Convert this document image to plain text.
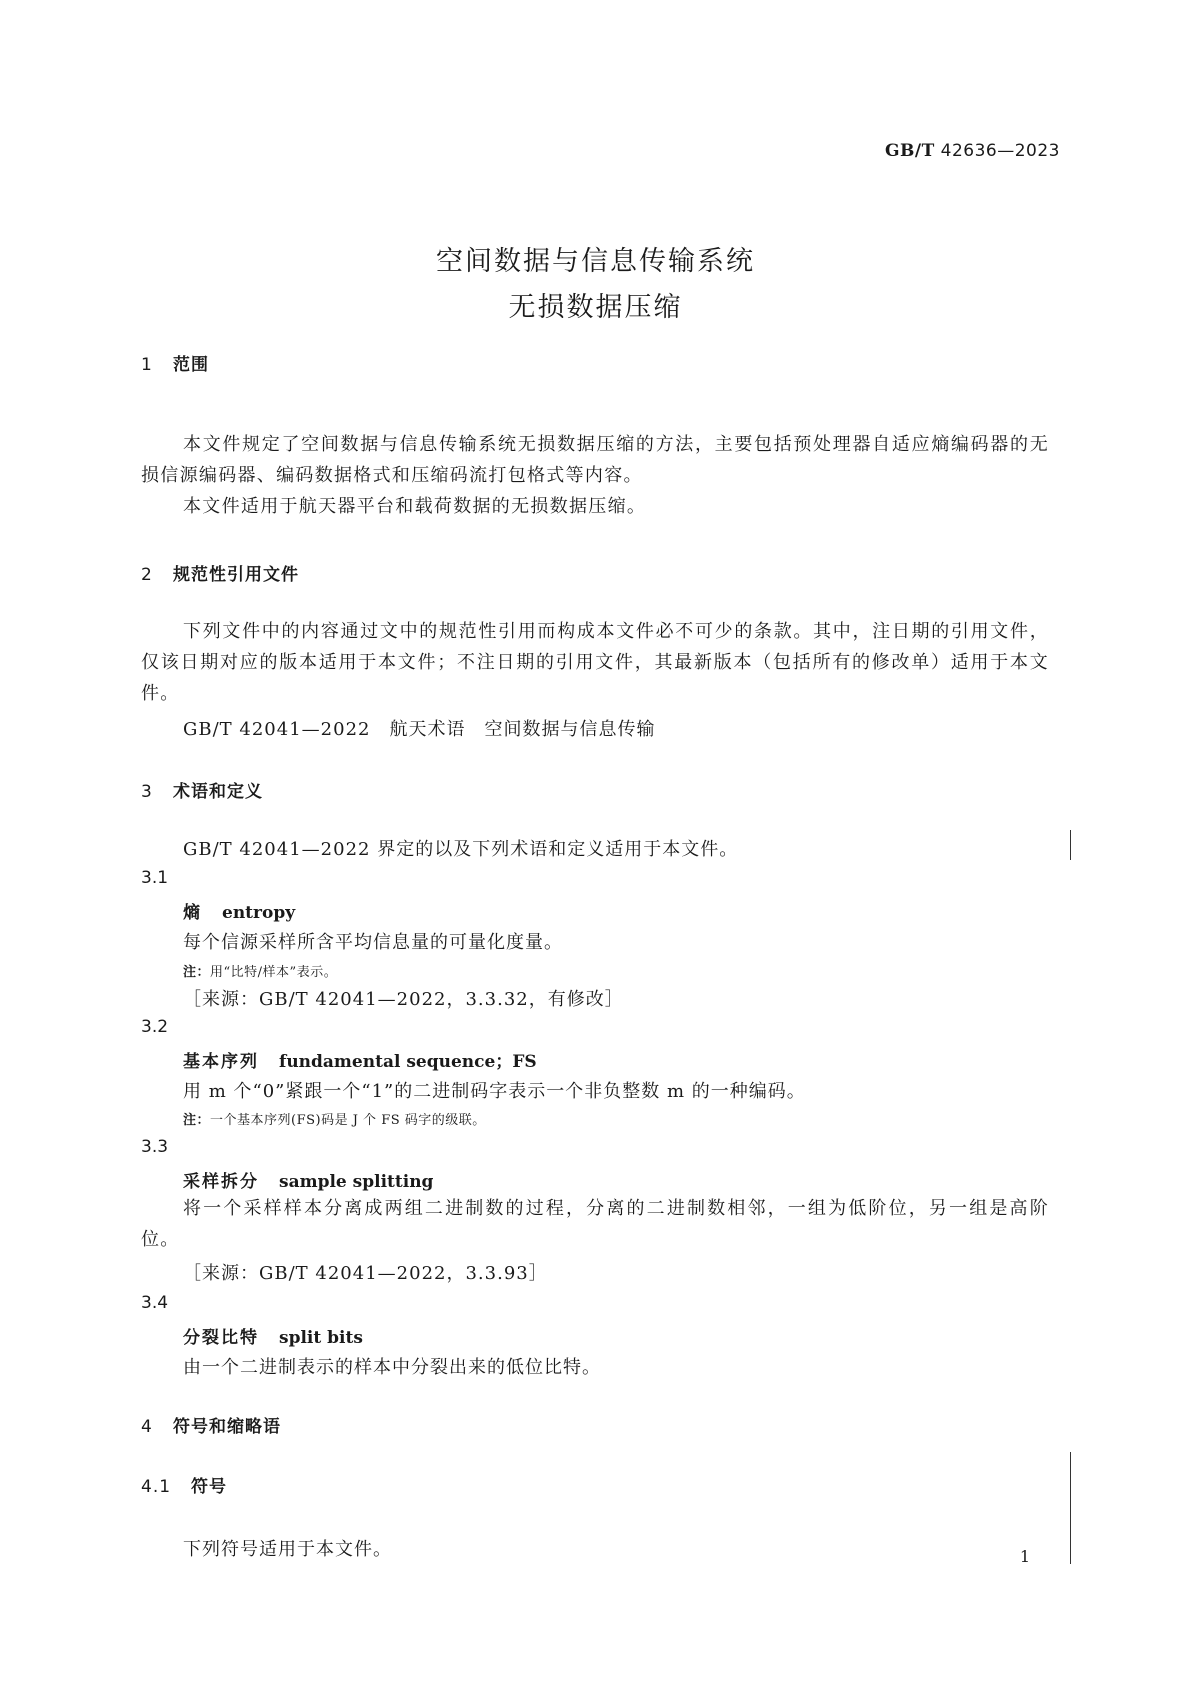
GB/T 42636—2023
空间数据与信息传输系统
无损数据压缩
1 范围
本文件规定了空间数据与信息传输系统无损数据压缩的方法，主要包括预处理器自适应熵编码器的无损信源编码器、编码数据格式和压缩码流打包格式等内容。
本文件适用于航天器平台和载荷数据的无损数据压缩。
2 规范性引用文件
下列文件中的内容通过文中的规范性引用而构成本文件必不可少的条款。其中，注日期的引用文件，仅该日期对应的版本适用于本文件；不注日期的引用文件，其最新版本（包括所有的修改单）适用于本文件。
GB/T 42041—2022　航天术语　空间数据与信息传输
3 术语和定义
GB/T 42041—2022 界定的以及下列术语和定义适用于本文件。
3.1
熵 entropy
每个信源采样所含平均信息量的可量化度量。
注：用“比特/样本”表示。
［来源：GB/T 42041—2022，3.3.32，有修改］
3.2
基本序列 fundamental sequence；FS
用 m 个“0”紧跟一个“1”的二进制码字表示一个非负整数 m 的一种编码。
注：一个基本序列(FS)码是 J 个 FS 码字的级联。
3.3
采样拆分 sample splitting
将一个采样样本分离成两组二进制数的过程，分离的二进制数相邻，一组为低阶位，另一组是高阶位。
［来源：GB/T 42041—2022，3.3.93］
3.4
分裂比特 split bits
由一个二进制表示的样本中分裂出来的低位比特。
4 符号和缩略语
4.1 符号
下列符号适用于本文件。	1
